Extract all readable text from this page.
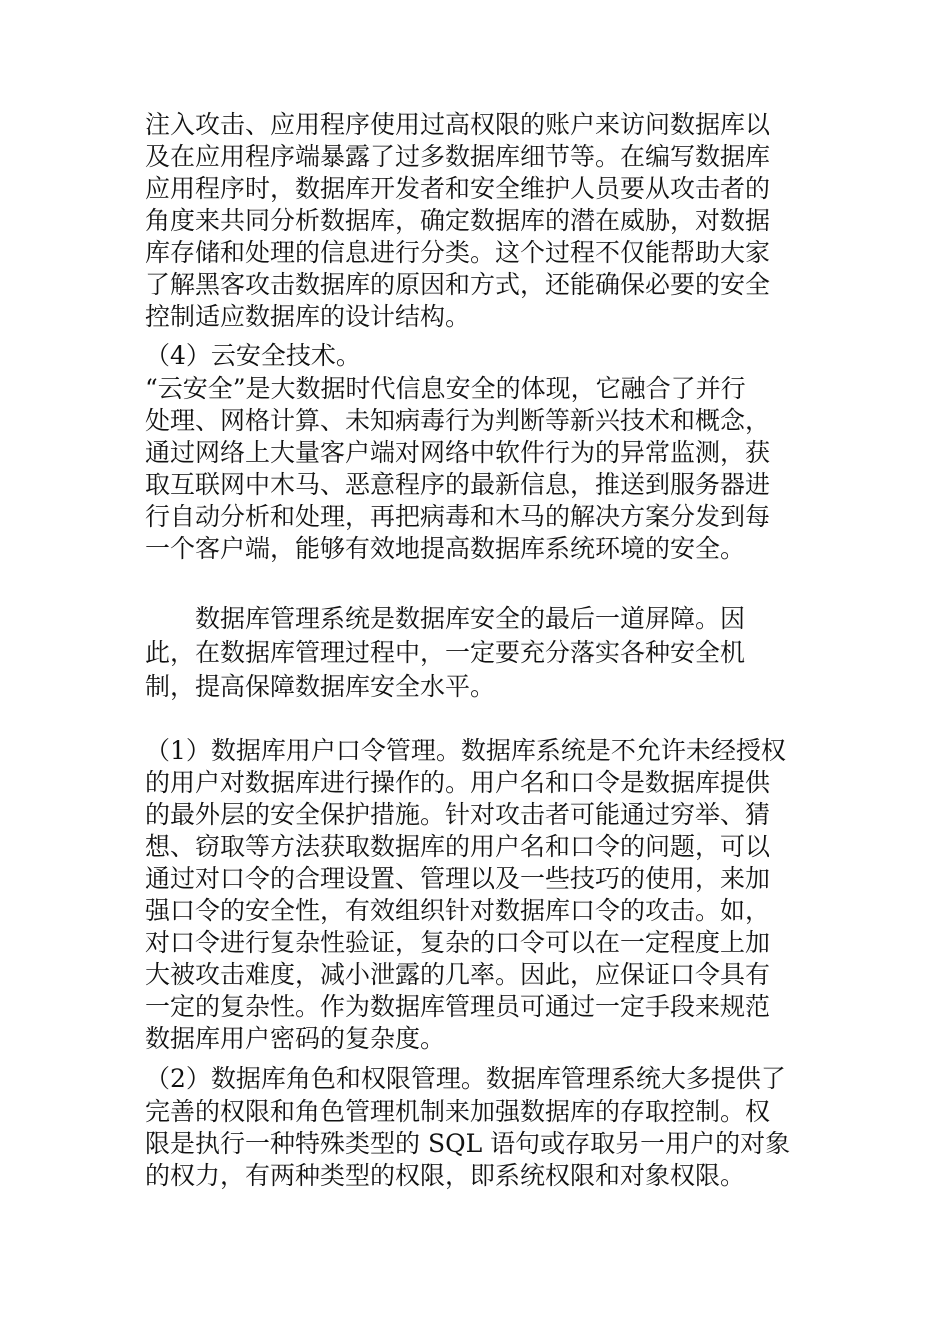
注入攻击、应用程序使用过高权限的账户来访问数据库以
及在应用程序端暴露了过多数据库细节等。在编写数据库
应用程序时，数据库开发者和安全维护人员要从攻击者的
角度来共同分析数据库，确定数据库的潜在威胁，对数据
库存储和处理的信息进行分类。这个过程不仅能帮助大家
了解黑客攻击数据库的原因和方式，还能确保必要的安全
控制适应数据库的设计结构。
（4）云安全技术。
“云安全”是大数据时代信息安全的体现，它融合了并行
处理、网格计算、未知病毒行为判断等新兴技术和概念，
通过网络上大量客户端对网络中软件行为的异常监测，获
取互联网中木马、恶意程序的最新信息，推送到服务器进
行自动分析和处理，再把病毒和木马的解决方案分发到每
一个客户端，能够有效地提高数据库系统环境的安全。
　　数据库管理系统是数据库安全的最后一道屏障。因
此，在数据库管理过程中，一定要充分落实各种安全机
制，提高保障数据库安全水平。
（1）数据库用户口令管理。数据库系统是不允许未经授权
的用户对数据库进行操作的。用户名和口令是数据库提供
的最外层的安全保护措施。针对攻击者可能通过穷举、猜
想、窃取等方法获取数据库的用户名和口令的问题，可以
通过对口令的合理设置、管理以及一些技巧的使用，来加
强口令的安全性，有效组织针对数据库口令的攻击。如，
对口令进行复杂性验证，复杂的口令可以在一定程度上加
大被攻击难度，减小泄露的几率。因此，应保证口令具有
一定的复杂性。作为数据库管理员可通过一定手段来规范
数据库用户密码的复杂度。
（2）数据库角色和权限管理。数据库管理系统大多提供了
完善的权限和角色管理机制来加强数据库的存取控制。权
限是执行一种特殊类型的 SQL 语句或存取另一用户的对象
的权力，有两种类型的权限，即系统权限和对象权限。
